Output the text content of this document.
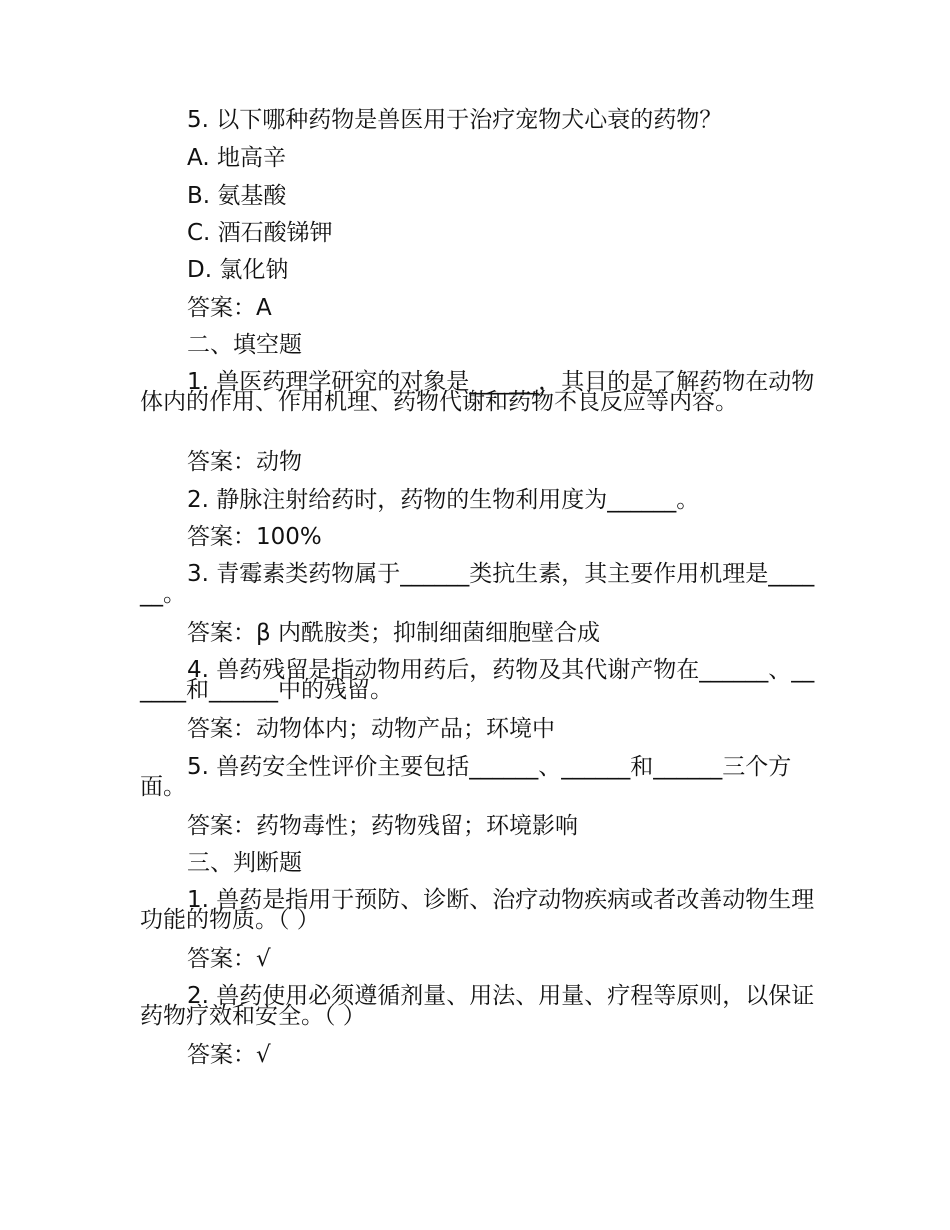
5. 以下哪种药物是兽医用于治疗宠物犬心衰的药物？
A. 地高辛
B. 氨基酸
C. 酒石酸锑钾
D. 氯化钠
答案：A
二、填空题
1. 兽医药理学研究的对象是______，其目的是了解药物在动物体内的作用、作用机理、药物代谢和药物不良反应等内容。
答案：动物
2. 静脉注射给药时，药物的生物利用度为______。
答案：100%
3. 青霉素类药物属于______类抗生素，其主要作用机理是______。
答案：β 内酰胺类；抑制细菌细胞壁合成
4. 兽药残留是指动物用药后，药物及其代谢产物在______、______和______中的残留。
答案：动物体内；动物产品；环境中
5. 兽药安全性评价主要包括______、______和______三个方面。
答案：药物毒性；药物残留；环境影响
三、判断题
1. 兽药是指用于预防、诊断、治疗动物疾病或者改善动物生理功能的物质。（ ）
答案：√
2. 兽药使用必须遵循剂量、用法、用量、疗程等原则，以保证药物疗效和安全。（ ）
答案：√
